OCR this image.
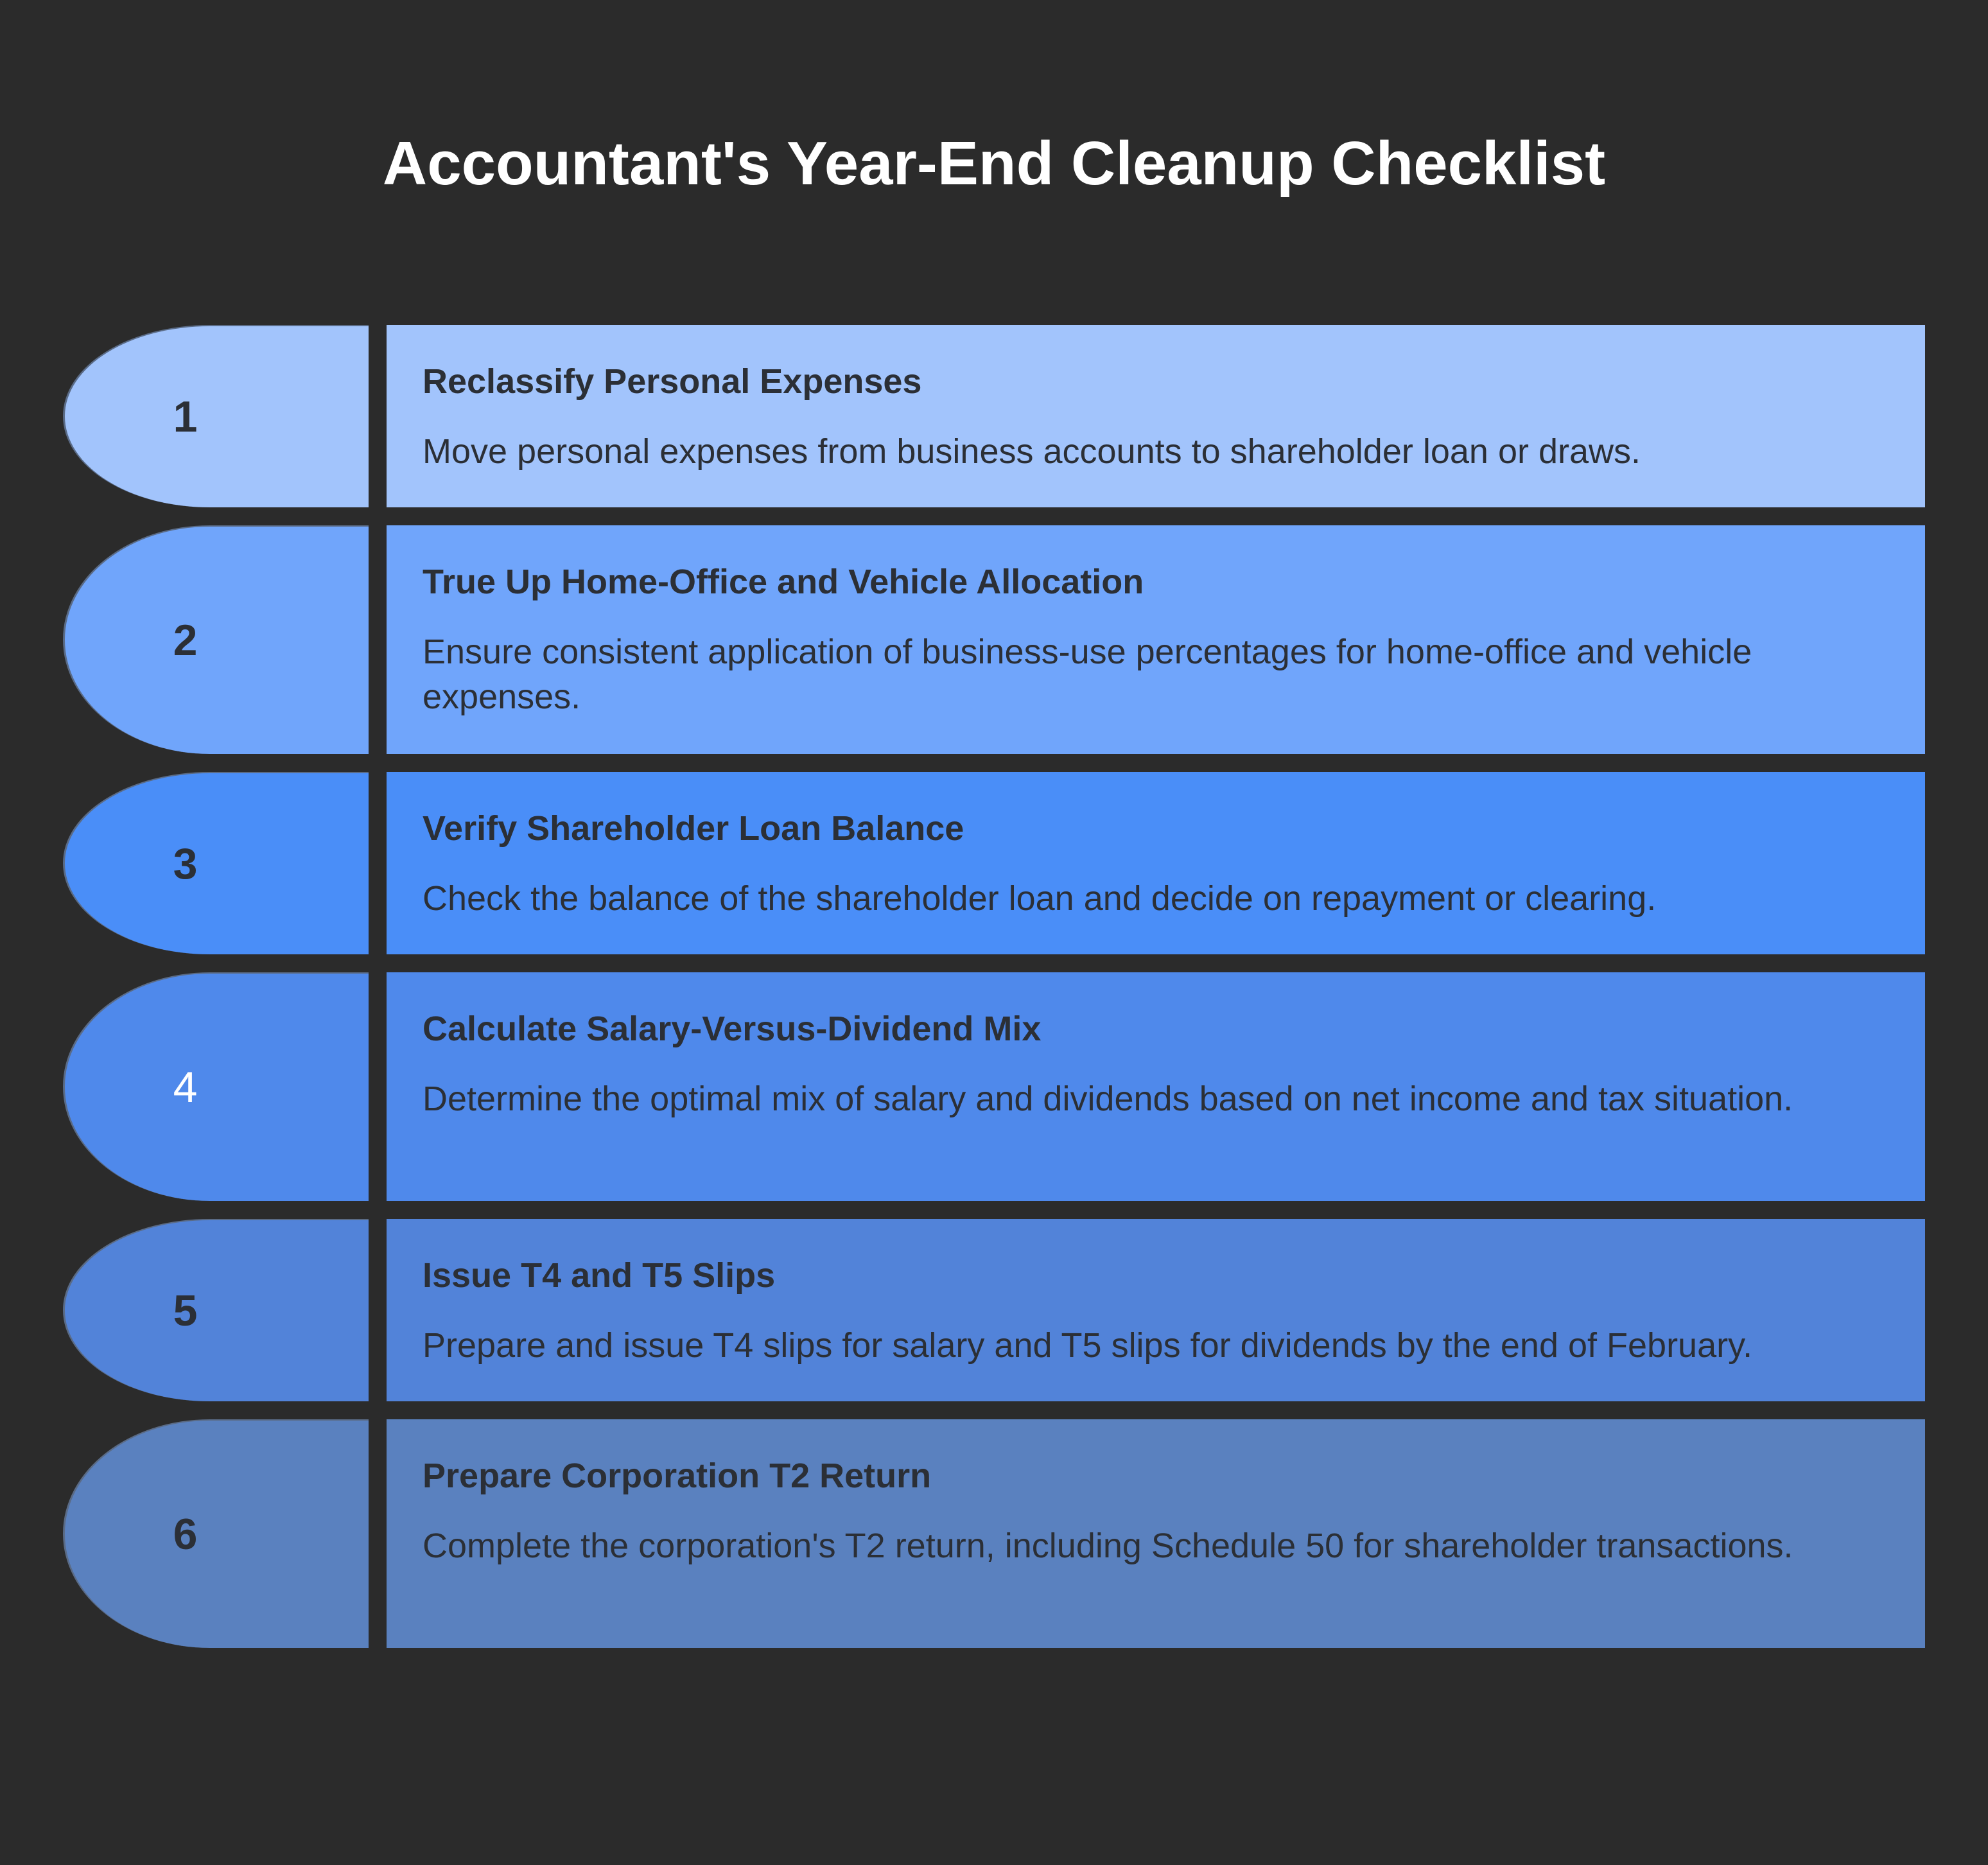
Accountant's Year-End Cleanup Checklist
1
Reclassify Personal Expenses
Move personal expenses from business accounts to shareholder loan or draws.
2
True Up Home-Office and Vehicle Allocation
Ensure consistent application of business-use percentages for home-office and vehicle expenses.
3
Verify Shareholder Loan Balance
Check the balance of the shareholder loan and decide on repayment or clearing.
4
Calculate Salary-Versus-Dividend Mix
Determine the optimal mix of salary and dividends based on net income and tax situation.
5
Issue T4 and T5 Slips
Prepare and issue T4 slips for salary and T5 slips for dividends by the end of February.
6
Prepare Corporation T2 Return
Complete the corporation's T2 return, including Schedule 50 for shareholder transactions.
